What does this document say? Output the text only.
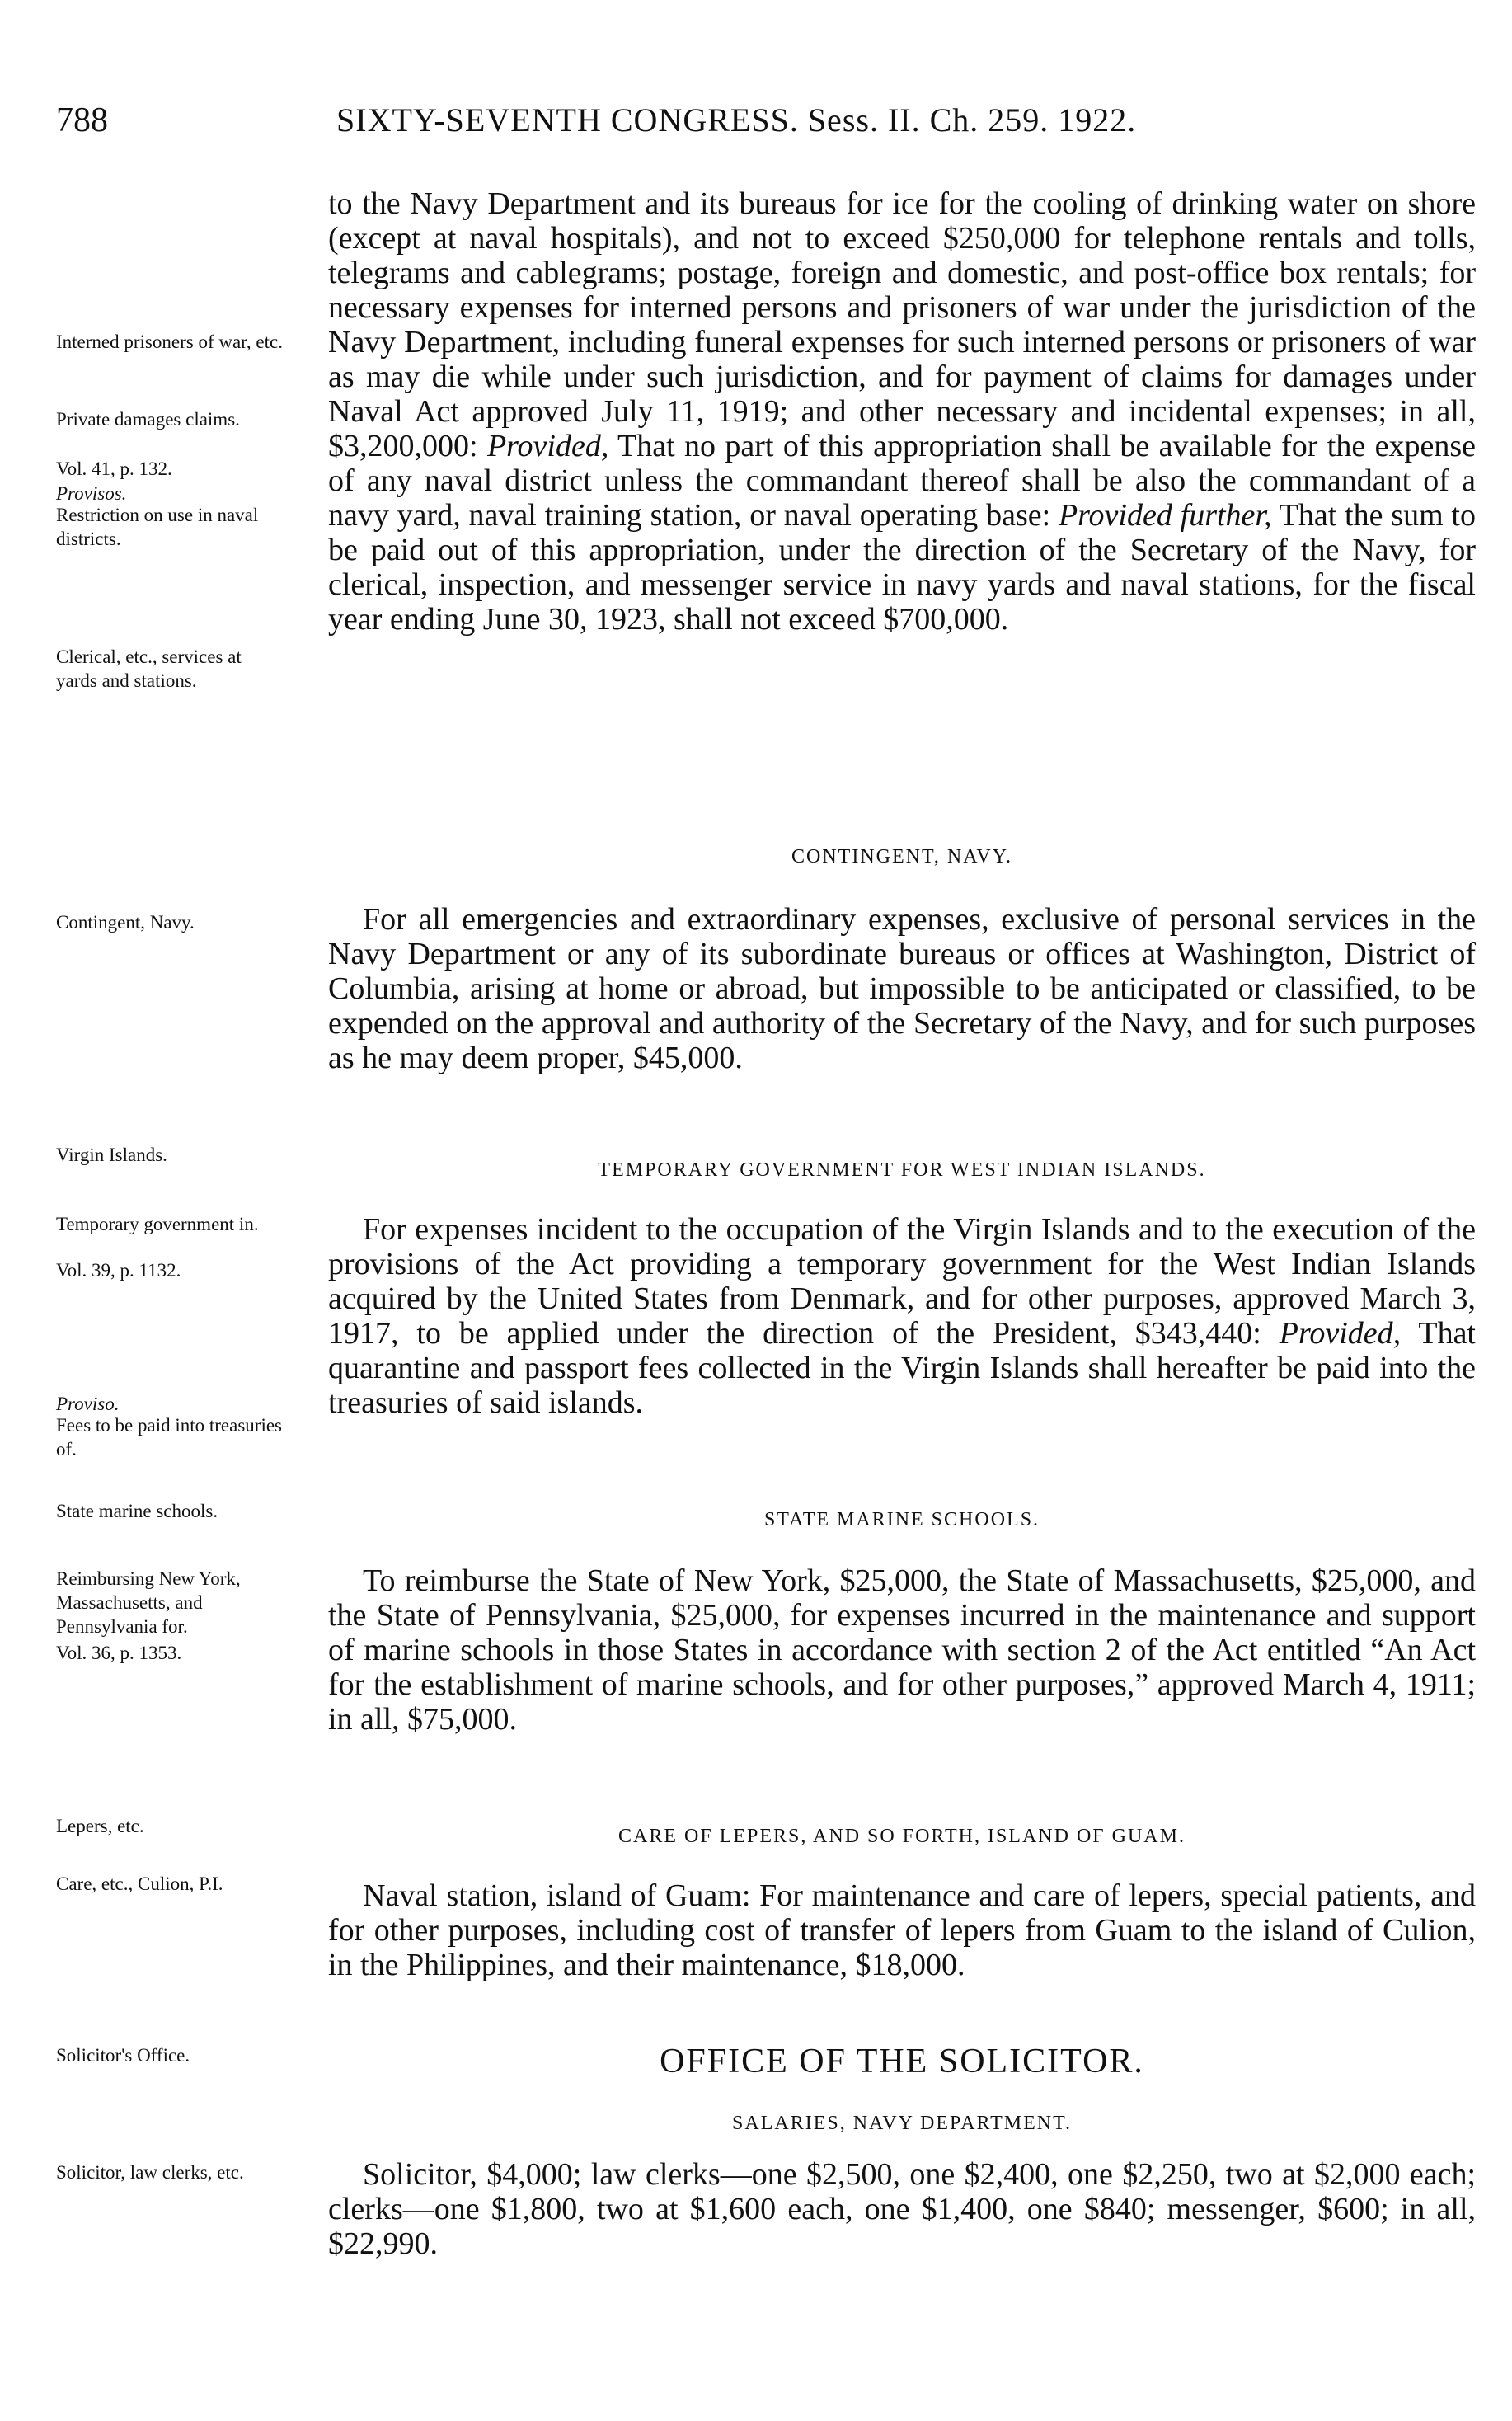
788	SIXTY-SEVENTH CONGRESS. Sess. II. Ch. 259. 1922.
Interned prisoners of war, etc.
Private damages claims.
Vol. 41, p. 132.
Provisos.
Restriction on use in naval districts.
Clerical, etc., services at yards and stations.
Contingent, Navy.
Virgin Islands.
Temporary government in.
Vol. 39, p. 1132.
Proviso.
Fees to be paid into treasuries of.
State marine schools.
Reimbursing New York, Massachusetts, and Pennsylvania for.
Vol. 36, p. 1353.
Lepers, etc.
Care, etc., Culion, P.I.
Solicitor's Office.
Solicitor, law clerks, etc.

to the Navy Department and its bureaus for ice for the cooling of drinking water on shore (except at naval hospitals), and not to exceed $250,000 for telephone rentals and tolls, telegrams and cablegrams; postage, foreign and domestic, and post-office box rentals; for necessary expenses for interned persons and prisoners of war under the jurisdiction of the Navy Department, including funeral expenses for such interned persons or prisoners of war as may die while under such jurisdiction, and for payment of claims for damages under Naval Act approved July 11, 1919; and other necessary and incidental expenses; in all, $3,200,000: Provided, That no part of this appropriation shall be available for the expense of any naval district unless the commandant thereof shall be also the commandant of a navy yard, naval training station, or naval operating base: Provided further, That the sum to be paid out of this appropriation, under the direction of the Secretary of the Navy, for clerical, inspection, and messenger service in navy yards and naval stations, for the fiscal year ending June 30, 1923, shall not exceed $700,000.

CONTINGENT, NAVY.

For all emergencies and extraordinary expenses, exclusive of personal services in the Navy Department or any of its subordinate bureaus or offices at Washington, District of Columbia, arising at home or abroad, but impossible to be anticipated or classified, to be expended on the approval and authority of the Secretary of the Navy, and for such purposes as he may deem proper, $45,000.

TEMPORARY GOVERNMENT FOR WEST INDIAN ISLANDS.

For expenses incident to the occupation of the Virgin Islands and to the execution of the provisions of the Act providing a temporary government for the West Indian Islands acquired by the United States from Denmark, and for other purposes, approved March 3, 1917, to be applied under the direction of the President, $343,440: Provided, That quarantine and passport fees collected in the Virgin Islands shall hereafter be paid into the treasuries of said islands.

STATE MARINE SCHOOLS.

To reimburse the State of New York, $25,000, the State of Massachusetts, $25,000, and the State of Pennsylvania, $25,000, for expenses incurred in the maintenance and support of marine schools in those States in accordance with section 2 of the Act entitled “An Act for the establishment of marine schools, and for other purposes,” approved March 4, 1911; in all, $75,000.

CARE OF LEPERS, AND SO FORTH, ISLAND OF GUAM.

Naval station, island of Guam: For maintenance and care of lepers, special patients, and for other purposes, including cost of transfer of lepers from Guam to the island of Culion, in the Philippines, and their maintenance, $18,000.

OFFICE OF THE SOLICITOR.
SALARIES, NAVY DEPARTMENT.

Solicitor, $4,000; law clerks—one $2,500, one $2,400, one $2,250, two at $2,000 each; clerks—one $1,800, two at $1,600 each, one $1,400, one $840; messenger, $600; in all, $22,990.
